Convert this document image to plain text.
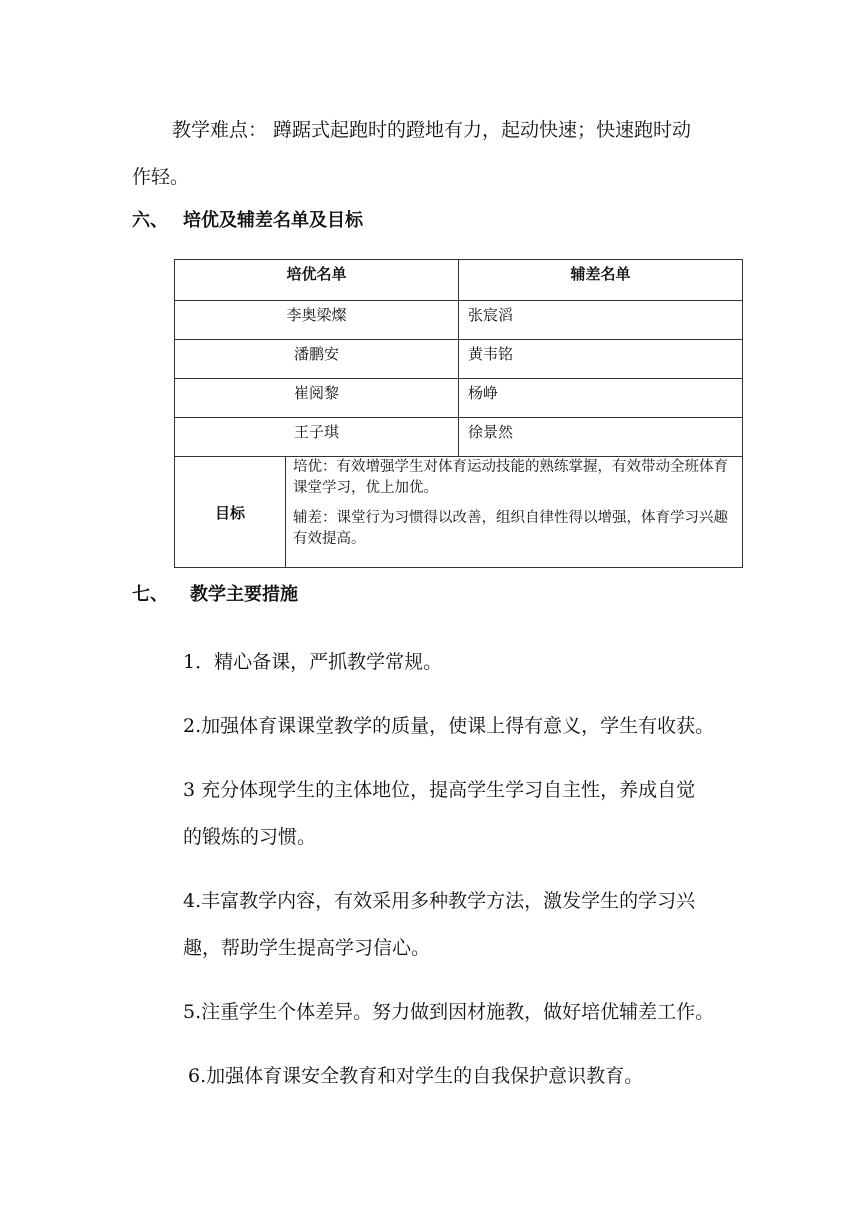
教学难点： 蹲踞式起跑时的蹬地有力，起动快速；快速跑时动
作轻。
六、 培优及辅差名单及目标
培优名单		辅差名单
李奥梁燦		张宸滔
潘鹏安		黄韦铭
崔阅黎		杨峥
王子琪		徐景然
目标	培优：有效增强学生对体育运动技能的熟练掌握，有效带动全班体育课堂学习，优上加优。

辅差：课堂行为习惯得以改善，组织自律性得以增强，体育学习兴趣有效提高。	

七、 教学主要措施
1．精心备课，严抓教学常规。
2.加强体育课课堂教学的质量，使课上得有意义，学生有收获。
3 充分体现学生的主体地位，提高学生学习自主性，养成自觉
的锻炼的习惯。
4.丰富教学内容，有效采用多种教学方法，激发学生的学习兴
趣，帮助学生提高学习信心。
5.注重学生个体差异。努力做到因材施教，做好培优辅差工作。
6.加强体育课安全教育和对学生的自我保护意识教育。
